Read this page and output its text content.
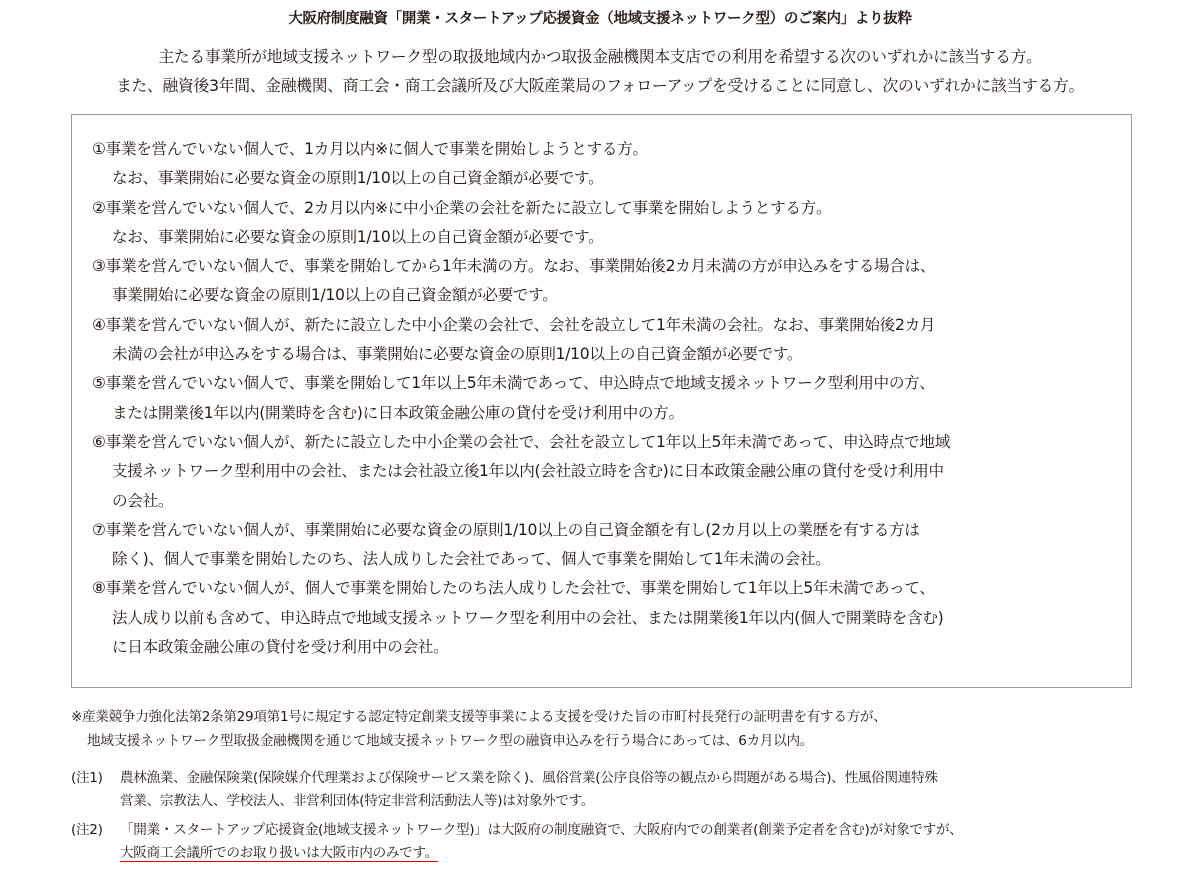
大阪府制度融資「開業・スタートアップ応援資金（地域支援ネットワーク型）のご案内」より抜粋
主たる事業所が地域支援ネットワーク型の取扱地域内かつ取扱金融機関本支店での利用を希望する次のいずれかに該当する方。
また、融資後3年間、金融機関、商工会・商工会議所及び大阪産業局のフォローアップを受けることに同意し、次のいずれかに該当する方。
①事業を営んでいない個人で、1カ月以内※に個人で事業を開始しようとする方。
なお、事業開始に必要な資金の原則1/10以上の自己資金額が必要です。
②事業を営んでいない個人で、2カ月以内※に中小企業の会社を新たに設立して事業を開始しようとする方。
なお、事業開始に必要な資金の原則1/10以上の自己資金額が必要です。
③事業を営んでいない個人で、事業を開始してから1年未満の方。なお、事業開始後2カ月未満の方が申込みをする場合は、
事業開始に必要な資金の原則1/10以上の自己資金額が必要です。
④事業を営んでいない個人が、新たに設立した中小企業の会社で、会社を設立して1年未満の会社。なお、事業開始後2カ月
未満の会社が申込みをする場合は、事業開始に必要な資金の原則1/10以上の自己資金額が必要です。
⑤事業を営んでいない個人で、事業を開始して1年以上5年未満であって、申込時点で地域支援ネットワーク型利用中の方、
または開業後1年以内(開業時を含む)に日本政策金融公庫の貸付を受け利用中の方。
⑥事業を営んでいない個人が、新たに設立した中小企業の会社で、会社を設立して1年以上5年未満であって、申込時点で地域
支援ネットワーク型利用中の会社、または会社設立後1年以内(会社設立時を含む)に日本政策金融公庫の貸付を受け利用中
の会社。
⑦事業を営んでいない個人が、事業開始に必要な資金の原則1/10以上の自己資金額を有し(2カ月以上の業歴を有する方は
除く)、個人で事業を開始したのち、法人成りした会社であって、個人で事業を開始して1年未満の会社。
⑧事業を営んでいない個人が、個人で事業を開始したのち法人成りした会社で、事業を開始して1年以上5年未満であって、
法人成り以前も含めて、申込時点で地域支援ネットワーク型を利用中の会社、または開業後1年以内(個人で開業時を含む)
に日本政策金融公庫の貸付を受け利用中の会社。
※産業競争力強化法第2条第29項第1号に規定する認定特定創業支援等事業による支援を受けた旨の市町村長発行の証明書を有する方が、
地域支援ネットワーク型取扱金融機関を通じて地域支援ネットワーク型の融資申込みを行う場合にあっては、6カ月以内。
(注1)	農林漁業、金融保険業(保険媒介代理業および保険サービス業を除く)、風俗営業(公序良俗等の観点から問題がある場合)、性風俗関連特殊
営業、宗教法人、学校法人、非営利団体(特定非営利活動法人等)は対象外です。
(注2)	「開業・スタートアップ応援資金(地域支援ネットワーク型)」は大阪府の制度融資で、大阪府内での創業者(創業予定者を含む)が対象ですが、
大阪商工会議所でのお取り扱いは大阪市内のみです。
